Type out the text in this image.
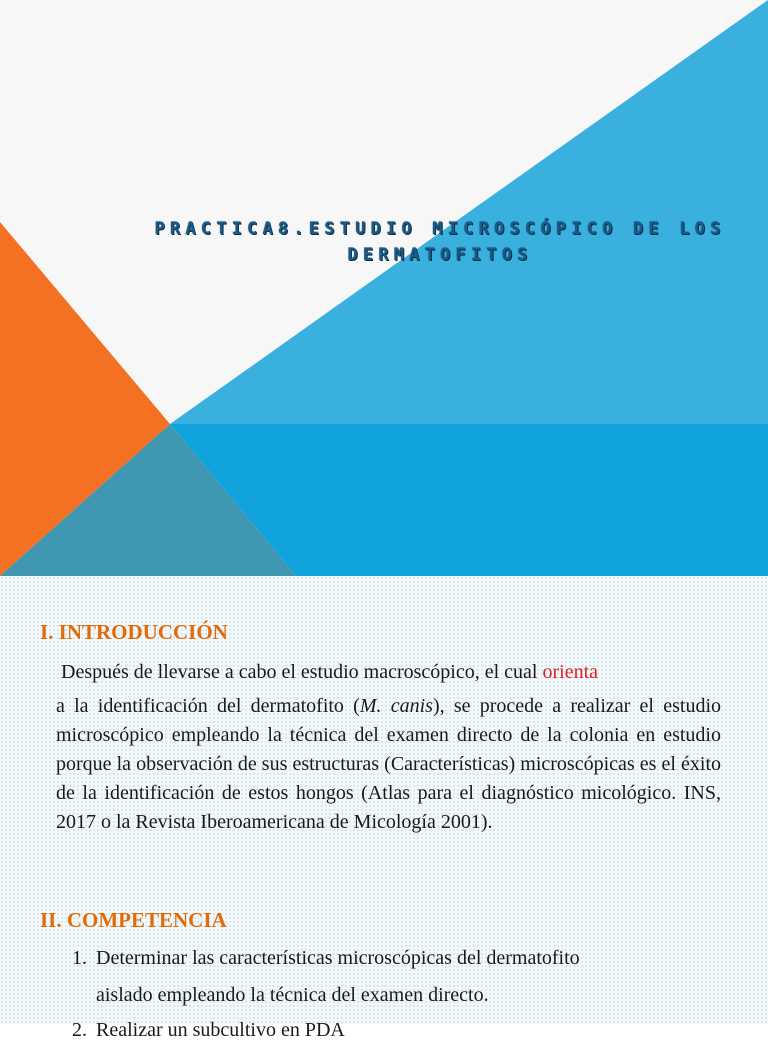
PRACTICA8.ESTUDIO MICROSCÓPICO DE LOS
DERMATOFITOS
I. INTRODUCCIÓN
Después de llevarse a cabo el estudio macroscópico, el cual orienta
a la identificación del dermatofito (M. canis), se procede a realizar el estudio microscópico empleando la técnica del examen directo de la colonia en estudio porque la observación de sus estructuras (Características) microscópicas es el éxito de la identificación de estos hongos (Atlas para el diagnóstico micológico. INS, 2017 o la Revista Iberoamericana de Micología 2001).
II. COMPETENCIA
1. Determinar las características microscópicas del dermatofito
aislado empleando la técnica del examen directo.
2. Realizar un subcultivo en PDA
